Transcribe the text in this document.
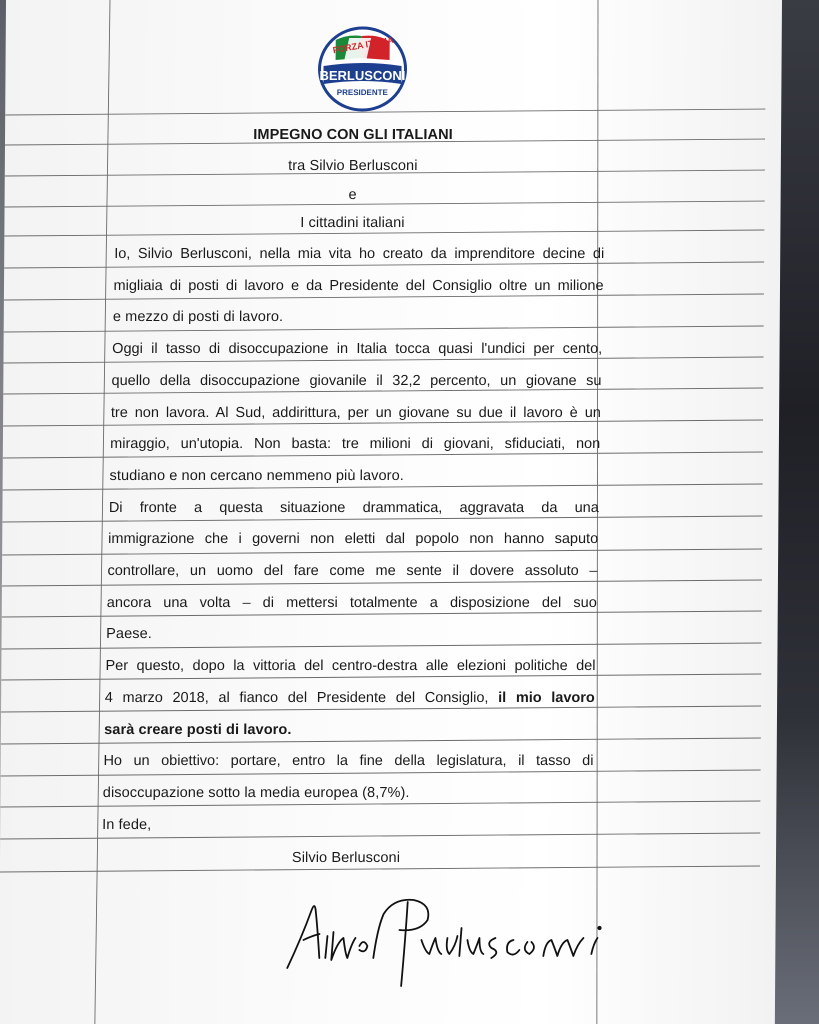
FORZA ITALIA
BERLUSCONI
PRESIDENTE
IMPEGNO CON GLI ITALIANI
tra Silvio Berlusconi
e
I cittadini italiani
Io, Silvio Berlusconi, nella mia vita ho creato da imprenditore decine di
migliaia di posti di lavoro e da Presidente del Consiglio oltre un milione
e mezzo di posti di lavoro.
Oggi il tasso di disoccupazione in Italia tocca quasi l'undici per cento,
quello della disoccupazione giovanile il 32,2 percento, un giovane su
tre non lavora. Al Sud, addirittura, per un giovane su due il lavoro è un
miraggio, un'utopia. Non basta: tre milioni di giovani, sfiduciati, non
studiano e non cercano nemmeno più lavoro.
Di fronte a questa situazione drammatica, aggravata da una
immigrazione che i governi non eletti dal popolo non hanno saputo
controllare, un uomo del fare come me sente il dovere assoluto –
ancora una volta – di mettersi totalmente a disposizione del suo
Paese.
Per questo, dopo la vittoria del centro-destra alle elezioni politiche del
4 marzo 2018, al fianco del Presidente del Consiglio, il mio lavoro
sarà creare posti di lavoro.
Ho un obiettivo: portare, entro la fine della legislatura, il tasso di
disoccupazione sotto la media europea (8,7%).
In fede,
Silvio Berlusconi
Silvio Berlusconi
